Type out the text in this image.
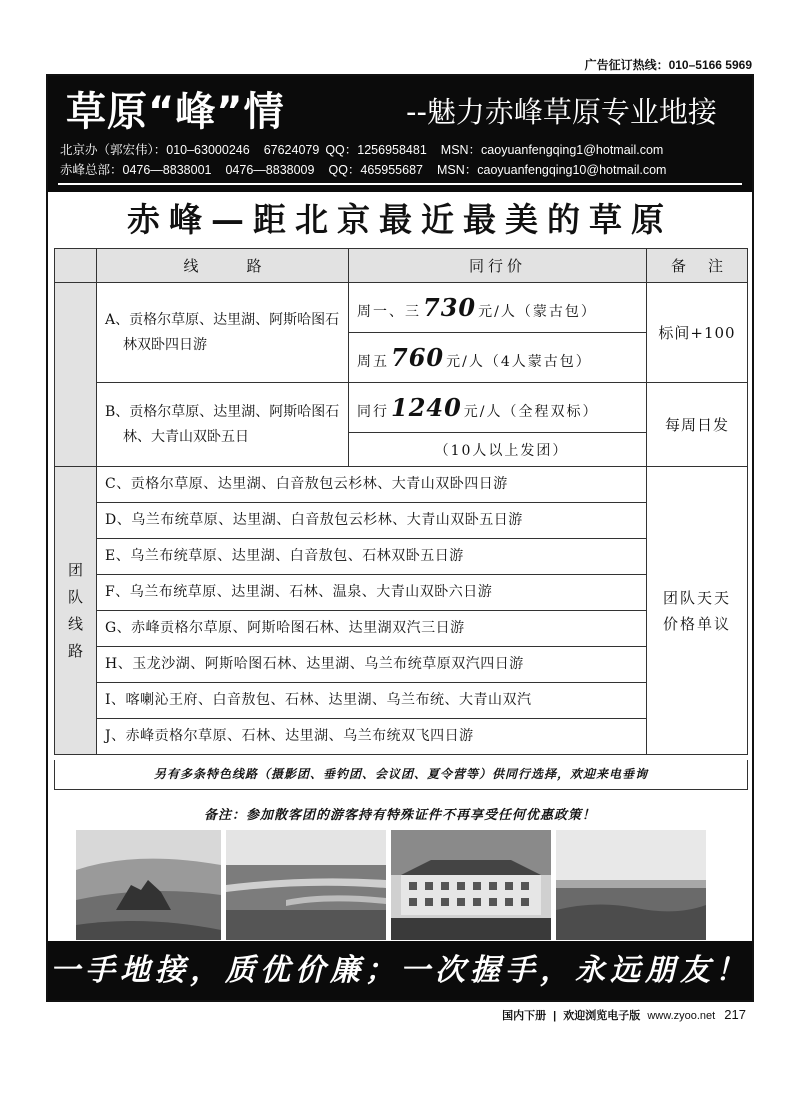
广告征订热线：010–5166 5969
草原“峰”情	--魅力赤峰草原专业地接
北京办（郭宏伟）：010–63000246 67624079 QQ：1256958481 MSN：caoyuanfengqing1@hotmail.com
赤峰总部：0476—8838001 0476—8838009 QQ：465955687 MSN：caoyuanfengqing10@hotmail.com
赤峰—距北京最近最美的草原
	线路	同行价	备注
	A、贡格尔草原、达里湖、阿斯哈图石林双卧四日游	周一、三730 元/人（蒙古包）	标间+100
		周五760 元/人（4人蒙古包）	
	B、贡格尔草原、达里湖、阿斯哈图石林、大青山双卧五日	同行1240 元/人（全程双标）	每周日发
		（10人以上发团）	
团队线路	C、贡格尔草原、达里湖、白音敖包云杉林、大青山双卧四日游		团队天天价格单议
	D、乌兰布统草原、达里湖、白音敖包云杉林、大青山双卧五日游		
	E、乌兰布统草原、达里湖、白音敖包、石林双卧五日游		
	F、乌兰布统草原、达里湖、石林、温泉、大青山双卧六日游		
	G、赤峰贡格尔草原、阿斯哈图石林、达里湖双汽三日游		
	H、玉龙沙湖、阿斯哈图石林、达里湖、乌兰布统草原双汽四日游		
	I、喀喇沁王府、白音敖包、石林、达里湖、乌兰布统、大青山双汽		
	J、赤峰贡格尔草原、石林、达里湖、乌兰布统双飞四日游		
另有多条特色线路（摄影团、垂钓团、会议团、夏令营等）供同行选择，欢迎来电垂询
备注：参加散客团的游客持有特殊证件不再享受任何优惠政策！
一手地接，质优价廉；一次握手，永远朋友！
国内下册 | 欢迎浏览电子版 www.zyoo.net 217
